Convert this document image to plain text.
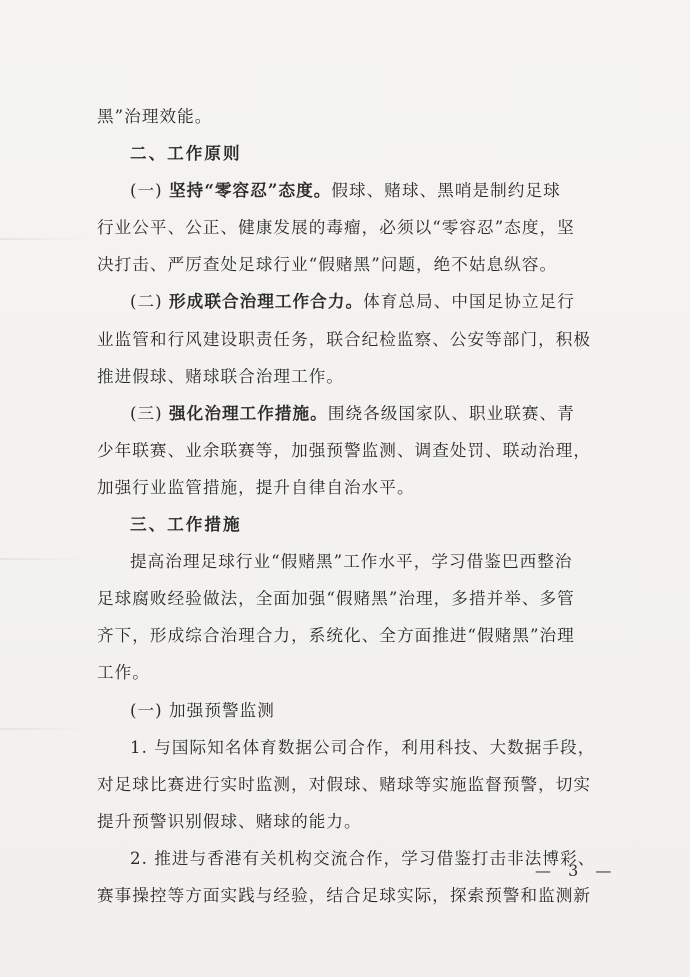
黑”治理效能。
二、工作原则
(一) 坚持“零容忍”态度。假球、赌球、黑哨是制约足球
行业公平、公正、健康发展的毒瘤，必须以“零容忍”态度，坚
决打击、严厉查处足球行业“假赌黑”问题，绝不姑息纵容。
(二) 形成联合治理工作合力。体育总局、中国足协立足行
业监管和行风建设职责任务，联合纪检监察、公安等部门，积极
推进假球、赌球联合治理工作。
(三) 强化治理工作措施。围绕各级国家队、职业联赛、青
少年联赛、业余联赛等，加强预警监测、调查处罚、联动治理，
加强行业监管措施，提升自律自治水平。
三、工作措施
提高治理足球行业“假赌黑”工作水平，学习借鉴巴西整治
足球腐败经验做法，全面加强“假赌黑”治理，多措并举、多管
齐下，形成综合治理合力，系统化、全方面推进“假赌黑”治理
工作。
(一) 加强预警监测
1. 与国际知名体育数据公司合作，利用科技、大数据手段，
对足球比赛进行实时监测，对假球、赌球等实施监督预警，切实
提升预警识别假球、赌球的能力。
2. 推进与香港有关机构交流合作，学习借鉴打击非法博彩、
赛事操控等方面实践与经验，结合足球实际，探索预警和监测新
— 3 —
